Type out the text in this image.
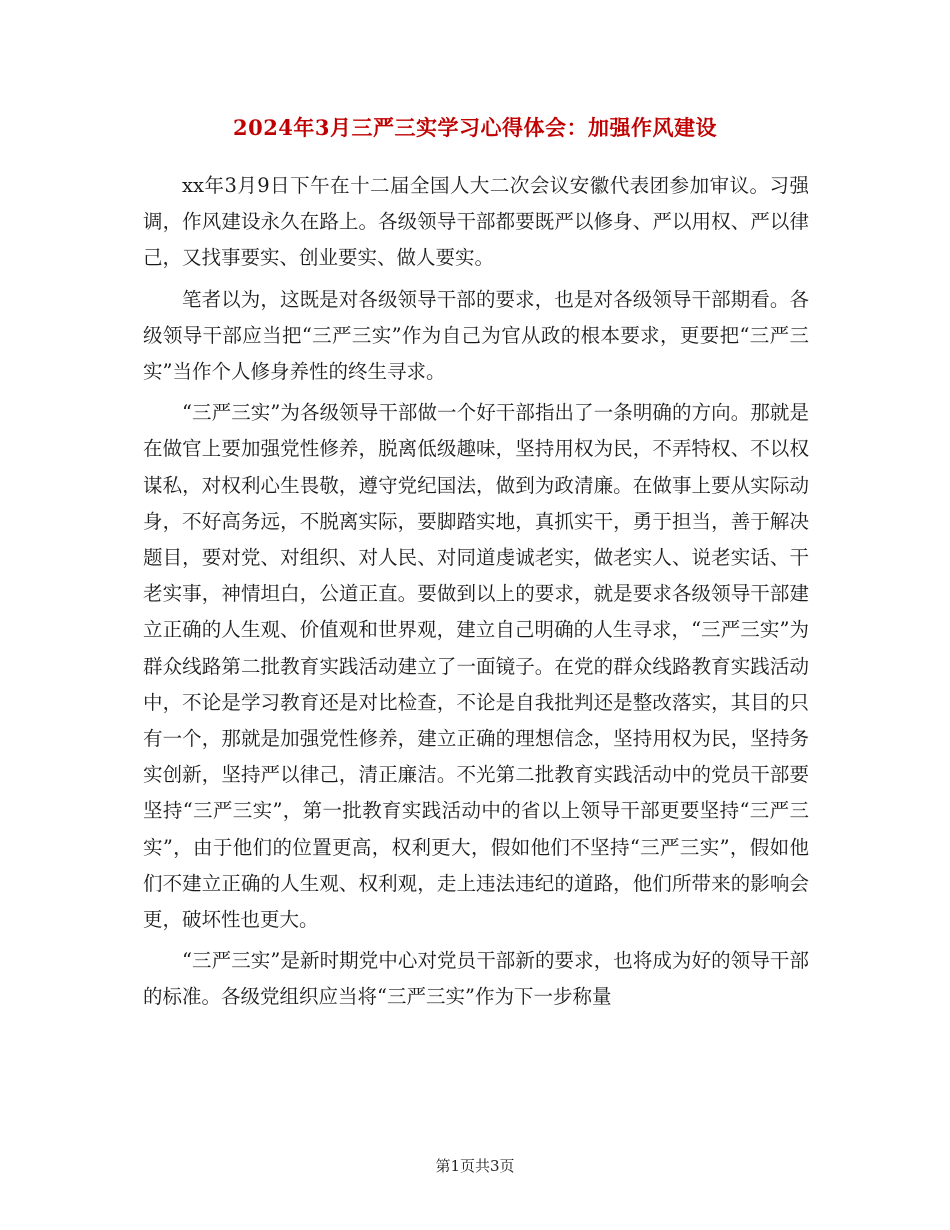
2024年3月三严三实学习心得体会：加强作风建设

xx年3月9日下午在十二届全国人大二次会议安徽代表团参加审议。习强调，作风建设永久在路上。各级领导干部都要既严以修身、严以用权、严以律己，又找事要实、创业要实、做人要实。

笔者以为，这既是对各级领导干部的要求，也是对各级领导干部期看。各级领导干部应当把“三严三实”作为自己为官从政的根本要求，更要把“三严三实”当作个人修身养性的终生寻求。

“三严三实”为各级领导干部做一个好干部指出了一条明确的方向。那就是在做官上要加强党性修养，脱离低级趣味，坚持用权为民，不弄特权、不以权谋私，对权利心生畏敬，遵守党纪国法，做到为政清廉。在做事上要从实际动身，不好高务远，不脱离实际，要脚踏实地，真抓实干，勇于担当，善于解决题目，要对党、对组织、对人民、对同道虔诚老实，做老实人、说老实话、干老实事，神情坦白，公道正直。要做到以上的要求，就是要求各级领导干部建立正确的人生观、价值观和世界观，建立自己明确的人生寻求，“三严三实”为群众线路第二批教育实践活动建立了一面镜子。在党的群众线路教育实践活动中，不论是学习教育还是对比检查，不论是自我批判还是整改落实，其目的只有一个，那就是加强党性修养，建立正确的理想信念，坚持用权为民，坚持务实创新，坚持严以律己，清正廉洁。不光第二批教育实践活动中的党员干部要坚持“三严三实”，第一批教育实践活动中的省以上领导干部更要坚持“三严三实”，由于他们的位置更高，权利更大，假如他们不坚持“三严三实”，假如他们不建立正确的人生观、权利观，走上违法违纪的道路，他们所带来的影响会更，破坏性也更大。

“三严三实”是新时期党中心对党员干部新的要求，也将成为好的领导干部的标准。各级党组织应当将“三严三实”作为下一步称量

第1页共3页
